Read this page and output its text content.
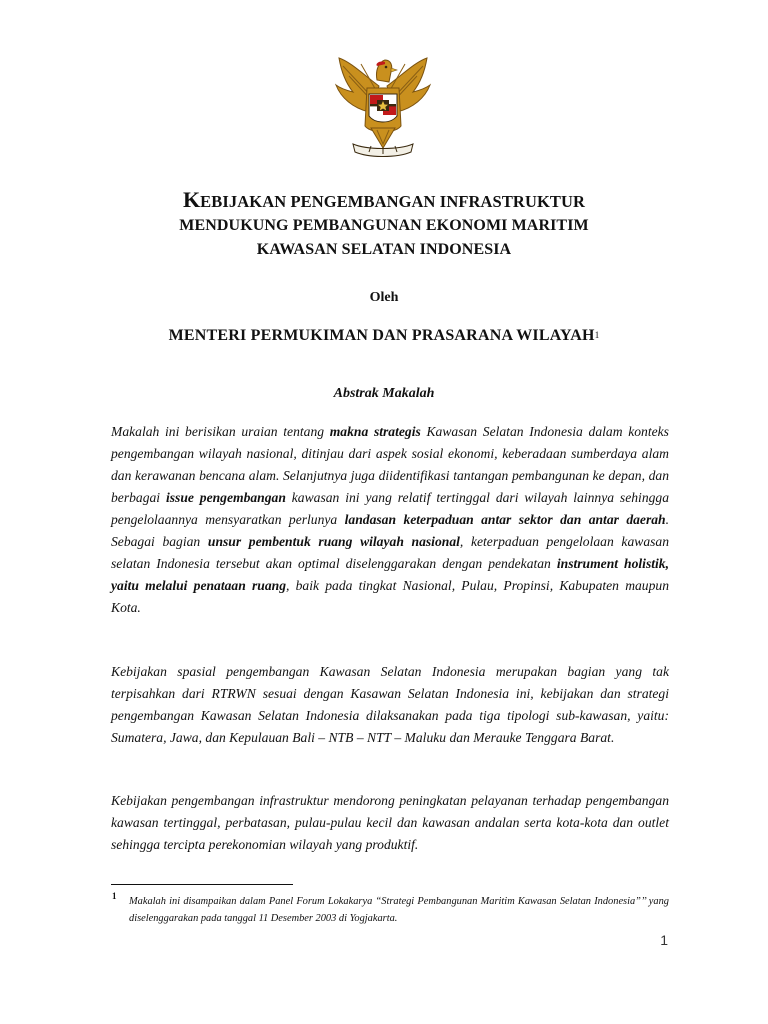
KEBIJAKAN PENGEMBANGAN INFRASTRUKTUR
MENDUKUNG PEMBANGUNAN EKONOMI MARITIM
KAWASAN SELATAN INDONESIA
Oleh
MENTERI PERMUKIMAN DAN PRASARANA WILAYAH$^1$
Abstrak Makalah

Makalah ini berisikan uraian tentang makna strategis Kawasan Selatan Indonesia dalam konteks pengembangan wilayah nasional, ditinjau dari aspek sosial ekonomi, keberadaan sumberdaya alam dan kerawanan bencana alam. Selanjutnya juga diidentifikasi tantangan pembangunan ke depan, dan berbagai issue pengembangan kawasan ini yang relatif tertinggal dari wilayah lainnya sehingga pengelolaannya mensyaratkan perlunya landasan keterpaduan antar sektor dan antar daerah. Sebagai bagian unsur pembentuk ruang wilayah nasional, keterpaduan pengelolaan kawasan selatan Indonesia tersebut akan optimal diselenggarakan dengan pendekatan instrument holistik, yaitu melalui penataan ruang, baik pada tingkat Nasional, Pulau, Propinsi, Kabupaten maupun Kota.

Kebijakan spasial pengembangan Kawasan Selatan Indonesia merupakan bagian yang tak terpisahkan dari RTRWN sesuai dengan Kasawan Selatan Indonesia ini, kebijakan dan strategi pengembangan Kawasan Selatan Indonesia dilaksanakan pada tiga tipologi sub-kawasan, yaitu: Sumatera, Jawa, dan Kepulauan Bali – NTB – NTT – Maluku dan Merauke Tenggara Barat.

Kebijakan pengembangan infrastruktur mendorong peningkatan pelayanan terhadap pengembangan kawasan tertinggal, perbatasan, pulau-pulau kecil dan kawasan andalan serta kota-kota dan outlet sehingga tercipta perekonomian wilayah yang produktif.

1 Makalah ini disampaikan dalam Panel Forum Lokakarya “Strategi Pembangunan Maritim Kawasan Selatan Indonesia”’’ yang diselenggarakan pada tanggal 11 Desember 2003 di Yogjakarta.

1
